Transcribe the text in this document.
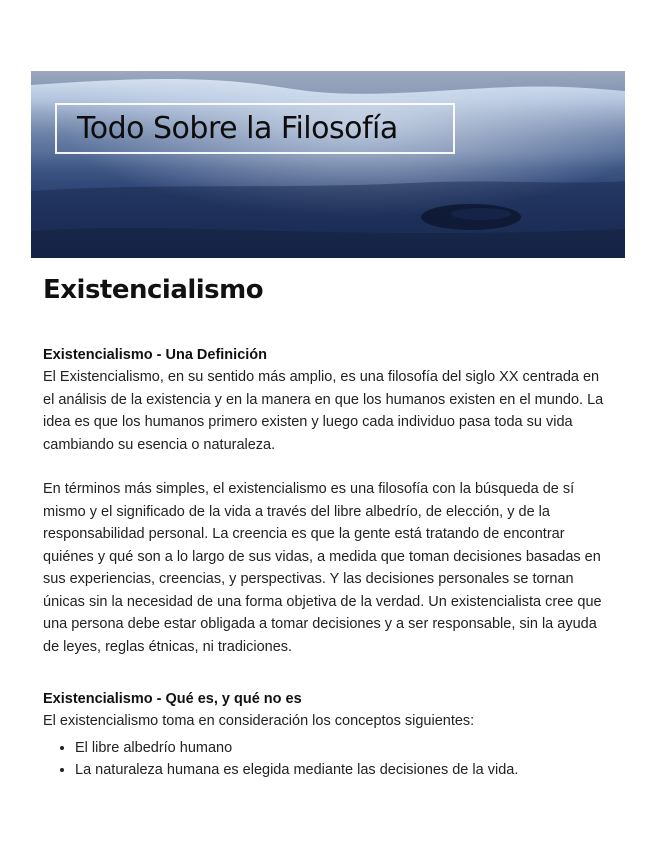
Todo Sobre la Filosofía
Existencialismo
Existencialismo - Una Definición

El Existencialismo, en su sentido más amplio, es una filosofía del siglo XX centrada en el análisis de la existencia y en la manera en que los humanos existen en el mundo. La idea es que los humanos primero existen y luego cada individuo pasa toda su vida cambiando su esencia o naturaleza.

En términos más simples, el existencialismo es una filosofía con la búsqueda de sí mismo y el significado de la vida a través del libre albedrío, de elección, y de la responsabilidad personal. La creencia es que la gente está tratando de encontrar quiénes y qué son a lo largo de sus vidas, a medida que toman decisiones basadas en sus experiencias, creencias, y perspectivas. Y las decisiones personales se tornan únicas sin la necesidad de una forma objetiva de la verdad. Un existencialista cree que una persona debe estar obligada a tomar decisiones y a ser responsable, sin la ayuda de leyes, reglas étnicas, ni tradiciones.

Existencialismo - Qué es, y qué no es

El existencialismo toma en consideración los conceptos siguientes:

• El libre albedrío humano
• La naturaleza humana es elegida mediante las decisiones de la vida.
